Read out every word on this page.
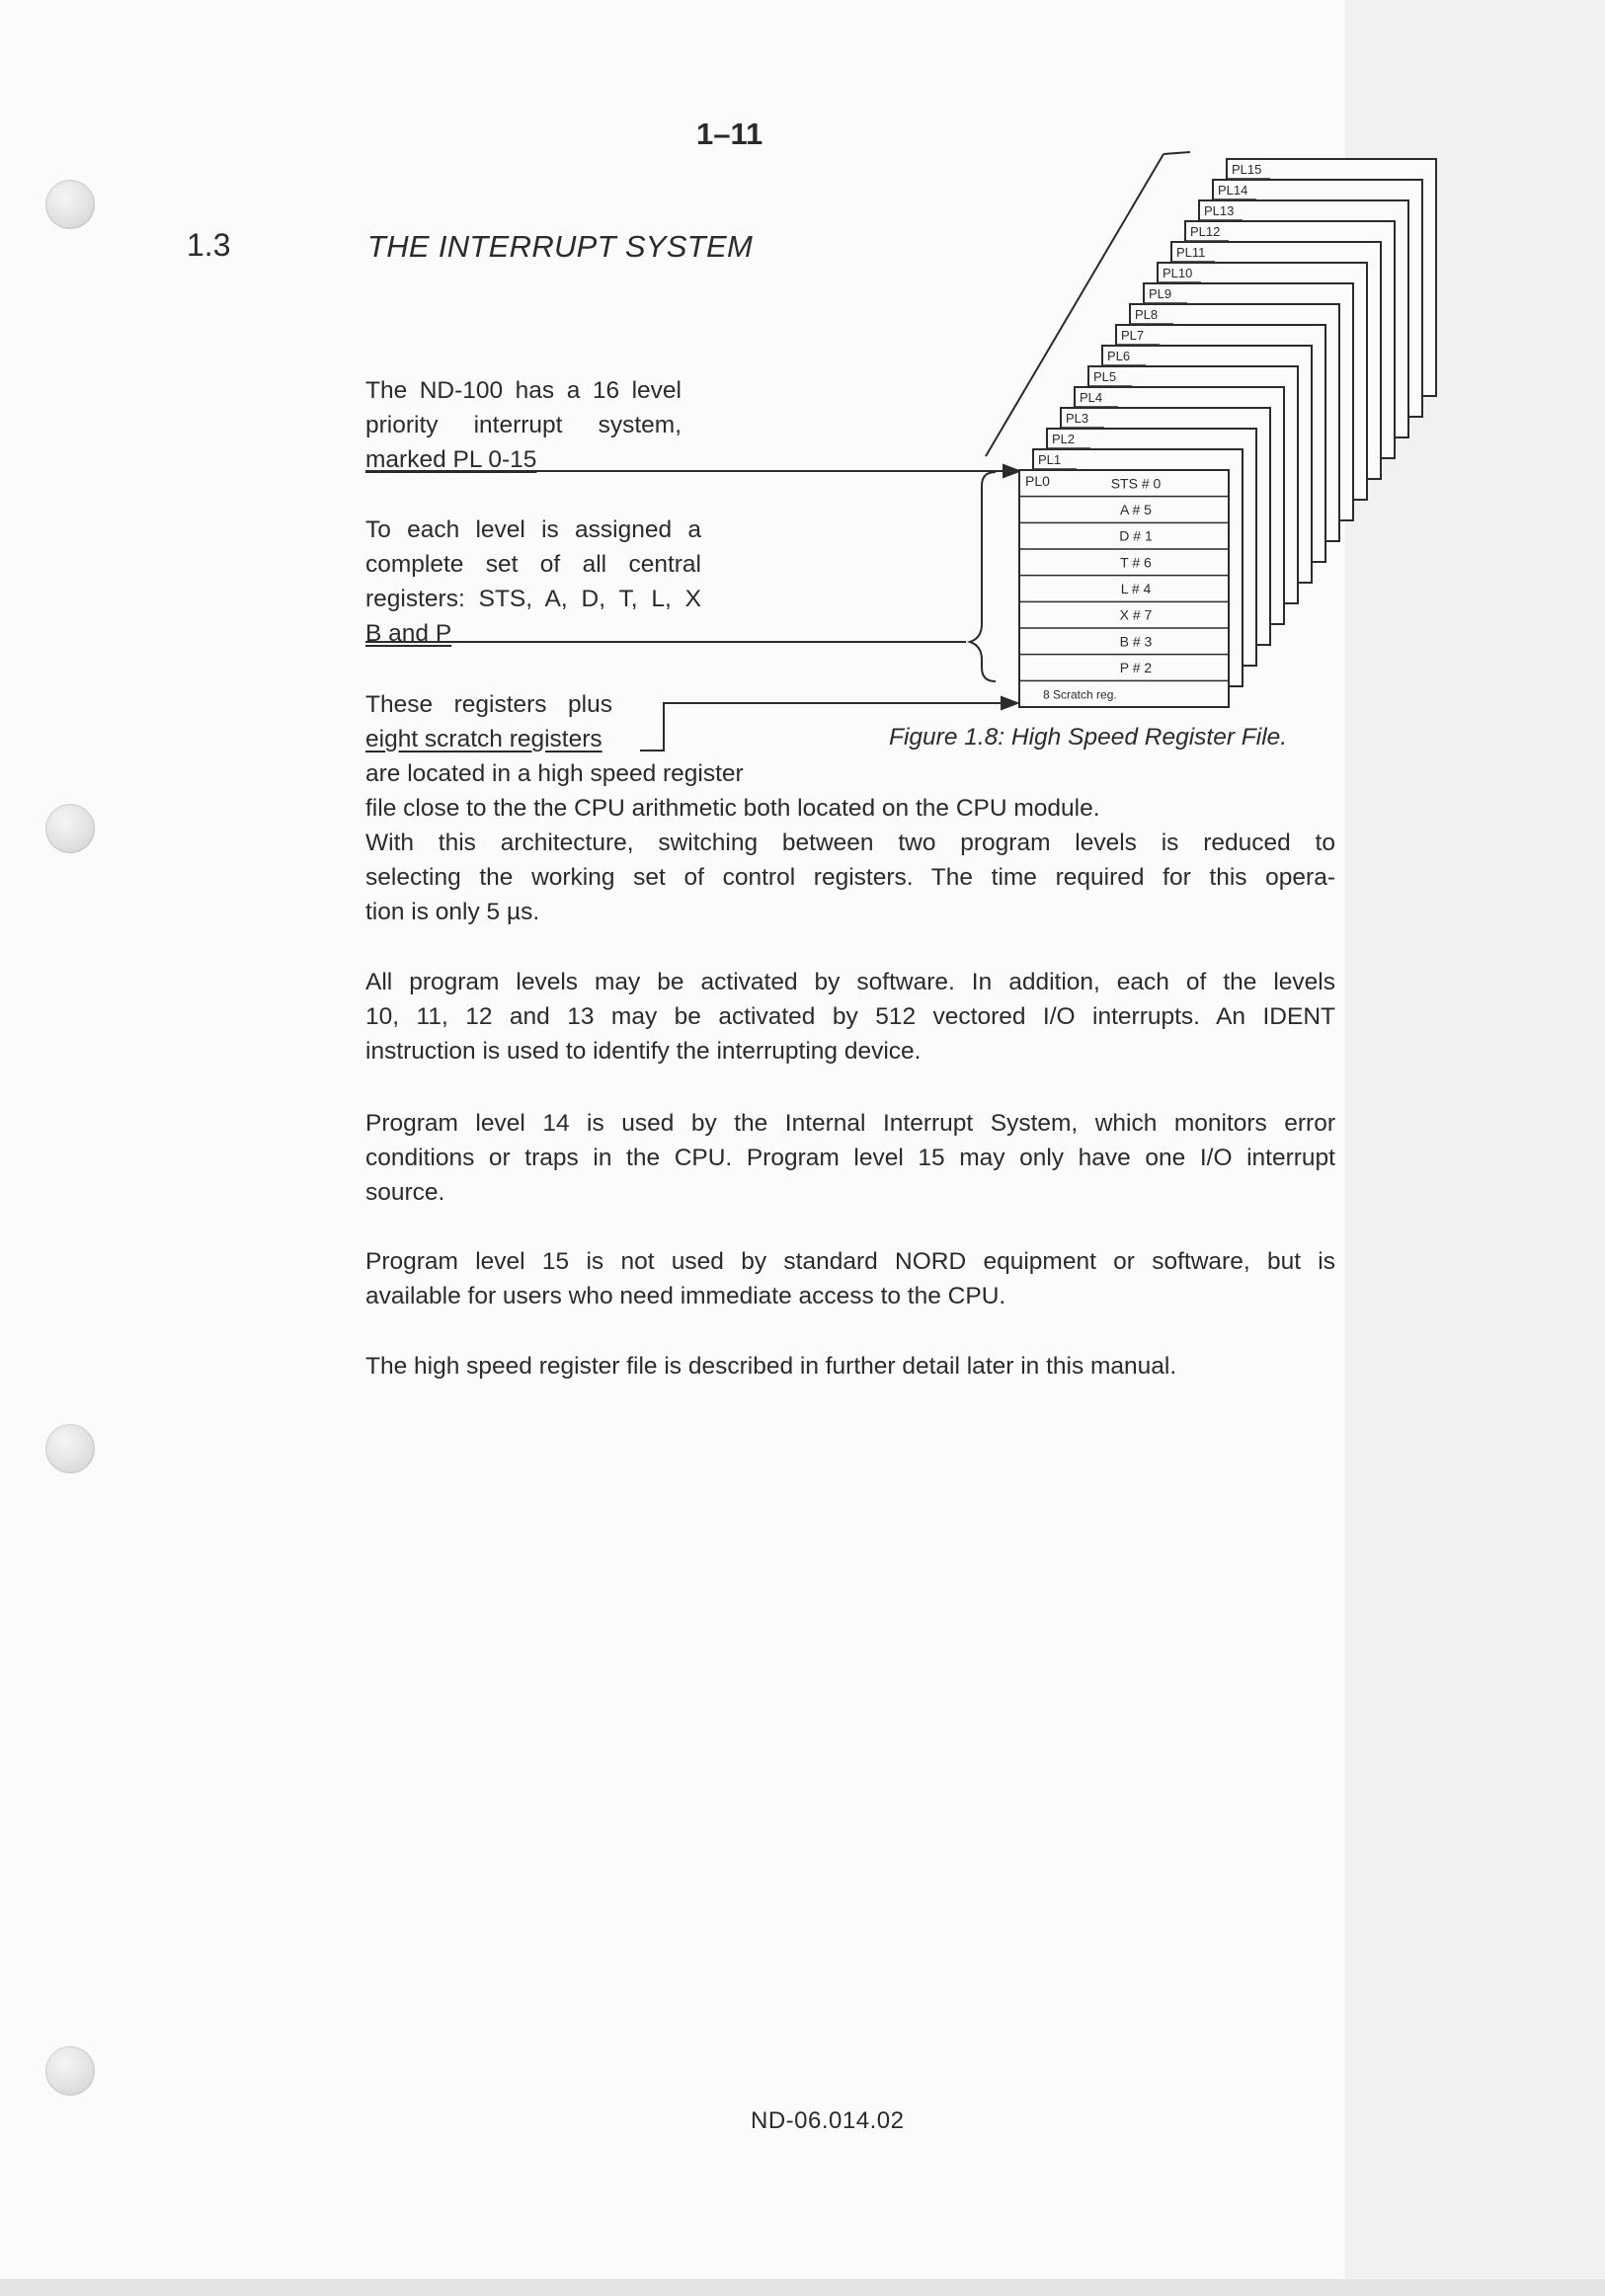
1–11
1.3	THE INTERRUPT SYSTEM
The ND-100 has a 16 level
priority interrupt system,
marked PL 0-15
To each level is assigned a
complete set of all central
registers: STS, A, D, T, L, X
B and P
These registers plus
eight scratch registers
PL15
PL14
PL13
PL12
PL11
PL10
PL9
PL8
PL7
PL6
PL5
PL4
PL3
PL2
PL1
PL0	STS # 0
A # 5
D # 1
T # 6
L # 4
X # 7
B # 3
P # 2
8 Scratch reg.
Figure 1.8: High Speed Register File.
are located in a high speed register
file close to the the CPU arithmetic both located on the CPU module.
With this architecture, switching between two program levels is reduced to
selecting the working set of control registers. The time required for this opera-
tion is only 5 µs.
All program levels may be activated by software. In addition, each of the levels
10, 11, 12 and 13 may be activated by 512 vectored I/O interrupts. An IDENT
instruction is used to identify the interrupting device.
Program level 14 is used by the Internal Interrupt System, which monitors error
conditions or traps in the CPU. Program level 15 may only have one I/O interrupt
source.
Program level 15 is not used by standard NORD equipment or software, but is
available for users who need immediate access to the CPU.
The high speed register file is described in further detail later in this manual.
ND-06.014.02
